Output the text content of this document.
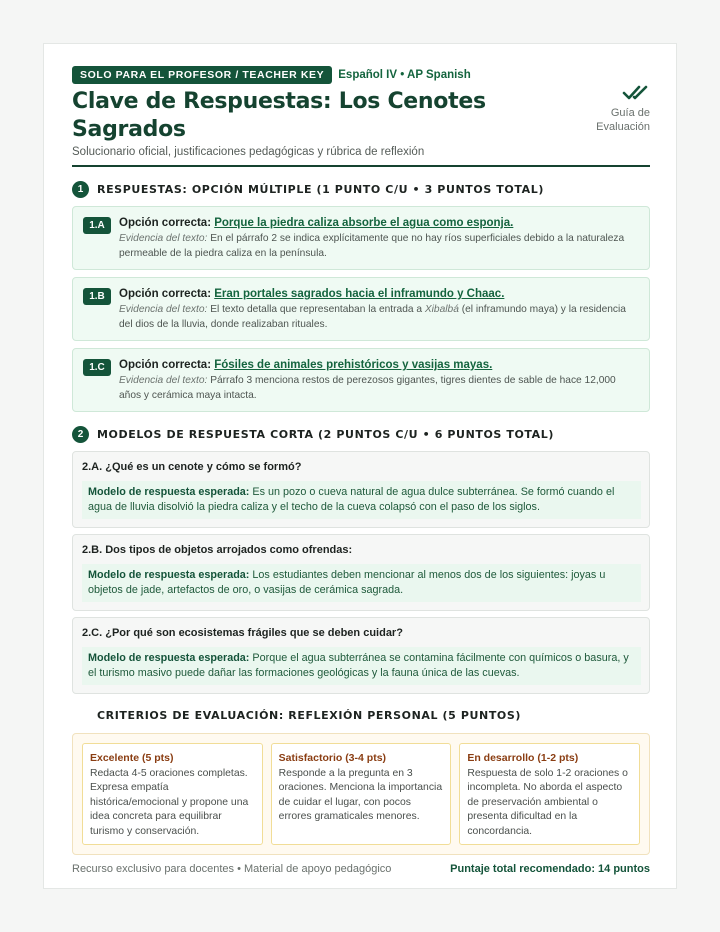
SOLO PARA EL PROFESOR / TEACHER KEY	Español IV • AP Spanish
Clave de Respuestas: Los Cenotes Sagrados
Solucionario oficial, justificaciones pedagógicas y rúbrica de reflexión
Guía de
Evaluación
1	RESPUESTAS: OPCIÓN MÚLTIPLE (1 PUNTO C/U • 3 PUNTOS TOTAL)
1.A	Opción correcta: Porque la piedra caliza absorbe el agua como esponja.
Evidencia del texto: En el párrafo 2 se indica explícitamente que no hay ríos superficiales debido a la naturaleza permeable de la piedra caliza en la península.
1.B	Opción correcta: Eran portales sagrados hacia el inframundo y Chaac.
Evidencia del texto: El texto detalla que representaban la entrada a Xibalbá (el inframundo maya) y la residencia del dios de la lluvia, donde realizaban rituales.
1.C	Opción correcta: Fósiles de animales prehistóricos y vasijas mayas.
Evidencia del texto: Párrafo 3 menciona restos de perezosos gigantes, tigres dientes de sable de hace 12,000 años y cerámica maya intacta.
2	MODELOS DE RESPUESTA CORTA (2 PUNTOS C/U • 6 PUNTOS TOTAL)
2.A. ¿Qué es un cenote y cómo se formó?
Modelo de respuesta esperada: Es un pozo o cueva natural de agua dulce subterránea. Se formó cuando el agua de lluvia disolvió la piedra caliza y el techo de la cueva colapsó con el paso de los siglos.
2.B. Dos tipos de objetos arrojados como ofrendas:
Modelo de respuesta esperada: Los estudiantes deben mencionar al menos dos de los siguientes: joyas u objetos de jade, artefactos de oro, o vasijas de cerámica sagrada.
2.C. ¿Por qué son ecosistemas frágiles que se deben cuidar?
Modelo de respuesta esperada: Porque el agua subterránea se contamina fácilmente con químicos o basura, y el turismo masivo puede dañar las formaciones geológicas y la fauna única de las cuevas.
CRITERIOS DE EVALUACIÓN: REFLEXIÓN PERSONAL (5 PUNTOS)
Excelente (5 pts)
Redacta 4-5 oraciones completas. Expresa empatía histórica/emocional y propone una idea concreta para equilibrar turismo y conservación.
Satisfactorio (3-4 pts)
Responde a la pregunta en 3 oraciones. Menciona la importancia de cuidar el lugar, con pocos errores gramaticales menores.
En desarrollo (1-2 pts)
Respuesta de solo 1-2 oraciones o incompleta. No aborda el aspecto de preservación ambiental o presenta dificultad en la concordancia.
Recurso exclusivo para docentes • Material de apoyo pedagógico	Puntaje total recomendado: 14 puntos
